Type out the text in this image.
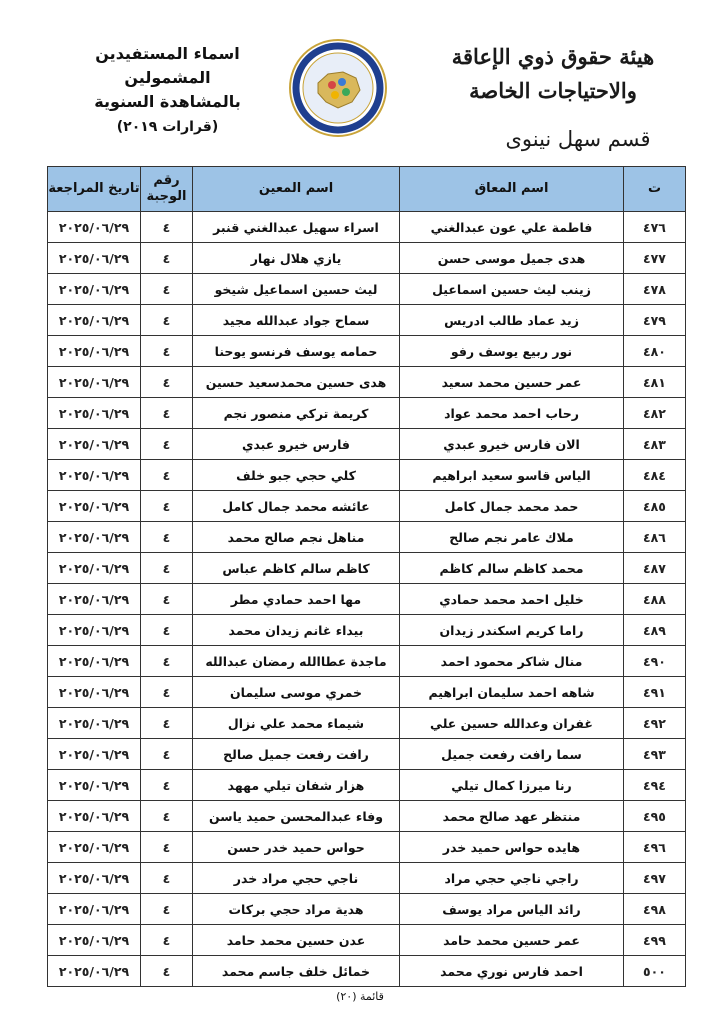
اسماء المستفيدين المشمولين
بالمشاهدة السنوية
(قرارات ٢٠١٩)
هيئة حقوق ذوي الإعاقة والاحتياجات الخاصة
قسم سهل نينوى
ت	اسم المعاق	اسم المعين	رقم الوجبة	تاريخ المراجعة
٤٧٦	فاطمة علي عون عبدالغني	اسراء سهيل عبدالغني قنبر	٤	٢٠٢٥/٠٦/٢٩
٤٧٧	هدى جميل موسى حسن	يازي هلال نهار	٤	٢٠٢٥/٠٦/٢٩
٤٧٨	زينب ليث حسين اسماعيل	ليث حسين اسماعيل شيخو	٤	٢٠٢٥/٠٦/٢٩
٤٧٩	زيد عماد طالب ادريس	سماح جواد عبدالله مجيد	٤	٢٠٢٥/٠٦/٢٩
٤٨٠	نور ربيع يوسف رفو	حمامه يوسف فرنسو يوحنا	٤	٢٠٢٥/٠٦/٢٩
٤٨١	عمر حسين محمد سعيد	هدى حسين محمدسعيد حسين	٤	٢٠٢٥/٠٦/٢٩
٤٨٢	رحاب احمد محمد عواد	كريمة تركي منصور نجم	٤	٢٠٢٥/٠٦/٢٩
٤٨٣	الان فارس خيرو عبدي	فارس خيرو عبدي	٤	٢٠٢٥/٠٦/٢٩
٤٨٤	الياس قاسو سعيد ابراهيم	كلي حجي جبو خلف	٤	٢٠٢٥/٠٦/٢٩
٤٨٥	حمد محمد جمال كامل	عائشه محمد جمال كامل	٤	٢٠٢٥/٠٦/٢٩
٤٨٦	ملاك عامر نجم صالح	مناهل نجم صالح محمد	٤	٢٠٢٥/٠٦/٢٩
٤٨٧	محمد كاظم سالم كاظم	كاظم سالم كاظم عباس	٤	٢٠٢٥/٠٦/٢٩
٤٨٨	خليل احمد محمد حمادي	مها احمد حمادي مطر	٤	٢٠٢٥/٠٦/٢٩
٤٨٩	راما كريم اسكندر زيدان	بيداء غانم زيدان محمد	٤	٢٠٢٥/٠٦/٢٩
٤٩٠	منال شاكر محمود احمد	ماجدة عطاالله رمضان عبدالله	٤	٢٠٢٥/٠٦/٢٩
٤٩١	شاهه احمد سليمان ابراهيم	خمري موسى سليمان	٤	٢٠٢٥/٠٦/٢٩
٤٩٢	غفران وعدالله حسين علي	شيماء محمد علي نزال	٤	٢٠٢٥/٠٦/٢٩
٤٩٣	سما رافت رفعت جميل	رافت رفعت جميل صالح	٤	٢٠٢٥/٠٦/٢٩
٤٩٤	رنا ميرزا كمال تيلي	هزار شفان تيلي مههد	٤	٢٠٢٥/٠٦/٢٩
٤٩٥	منتظر عهد صالح محمد	وفاء عبدالمحسن حميد ياسن	٤	٢٠٢٥/٠٦/٢٩
٤٩٦	هايده حواس حميد خدر	حواس حميد خدر حسن	٤	٢٠٢٥/٠٦/٢٩
٤٩٧	راجي ناجي حجي مراد	ناجي حجي مراد خدر	٤	٢٠٢٥/٠٦/٢٩
٤٩٨	رائد الياس مراد يوسف	هدية مراد حجي بركات	٤	٢٠٢٥/٠٦/٢٩
٤٩٩	عمر حسين محمد حامد	عدن حسين محمد حامد	٤	٢٠٢٥/٠٦/٢٩
٥٠٠	احمد فارس نوري محمد	خمائل خلف جاسم محمد	٤	٢٠٢٥/٠٦/٢٩
قائمة (٢٠)
